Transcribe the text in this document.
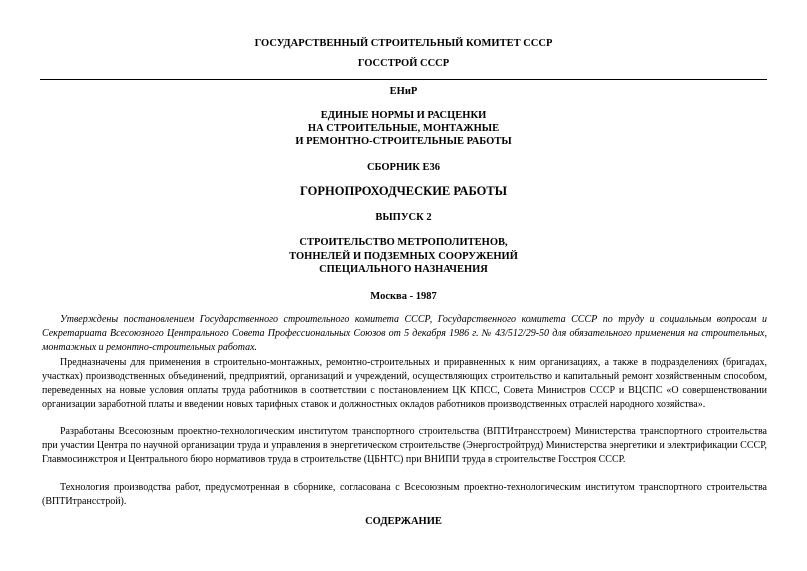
ГОСУДАРСТВЕННЫЙ СТРОИТЕЛЬНЫЙ КОМИТЕТ СССР

ГОССТРОЙ СССР

ЕНиР

ЕДИНЫЕ НОРМЫ И РАСЦЕНКИ

НА СТРОИТЕЛЬНЫЕ, МОНТАЖНЫЕ

И РЕМОНТНО-СТРОИТЕЛЬНЫЕ РАБОТЫ

СБОРНИК Е36

ГОРНОПРОХОДЧЕСКИЕ РАБОТЫ

ВЫПУСК 2

СТРОИТЕЛЬСТВО МЕТРОПОЛИТЕНОВ,

ТОННЕЛЕЙ И ПОДЗЕМНЫХ СООРУЖЕНИЙ

СПЕЦИАЛЬНОГО НАЗНАЧЕНИЯ

Москва - 1987

Утверждены постановлением Государственного строительного комитета СССР, Государственного комитета СССР по труду и социальным вопросам и Секретариата Всесоюзного Центрального Совета Профессиональных Союзов от 5 декабря 1986 г. № 43/512/29-50 для обязательного применения на строительных, монтажных и ремонтно-строительных работах.

Предназначены для применения в строительно-монтажных, ремонтно-строительных и приравненных к ним организациях, а также в подразделениях (бригадах, участках) производственных объединений, предприятий, организаций и учреждений, осуществляющих строительство и капитальный ремонт хозяйственным способом, переведенных на новые условия оплаты труда работников в соответствии с постановлением ЦК КПСС, Совета Министров СССР и ВЦСПС «О совершенствовании организации заработной платы и введении новых тарифных ставок и должностных окладов работников производственных отраслей народного хозяйства».

Разработаны Всесоюзным проектно-технологическим институтом транспортного строительства (ВПТИтрансстроем) Министерства транспортного строительства при участии Центра по научной организации труда и управления в энергетическом строительстве (Энергостройтруд) Министерства энергетики и электрификации СССР, Главмосинжстроя и Центрального бюро нормативов труда в строительстве (ЦБНТС) при ВНИПИ труда в строительстве Госстроя СССР.

Технология производства работ, предусмотренная в сборнике, согласована с Всесоюзным проектно-технологическим институтом транспортного строительства (ВПТИтрансстрой).

СОДЕРЖАНИЕ
